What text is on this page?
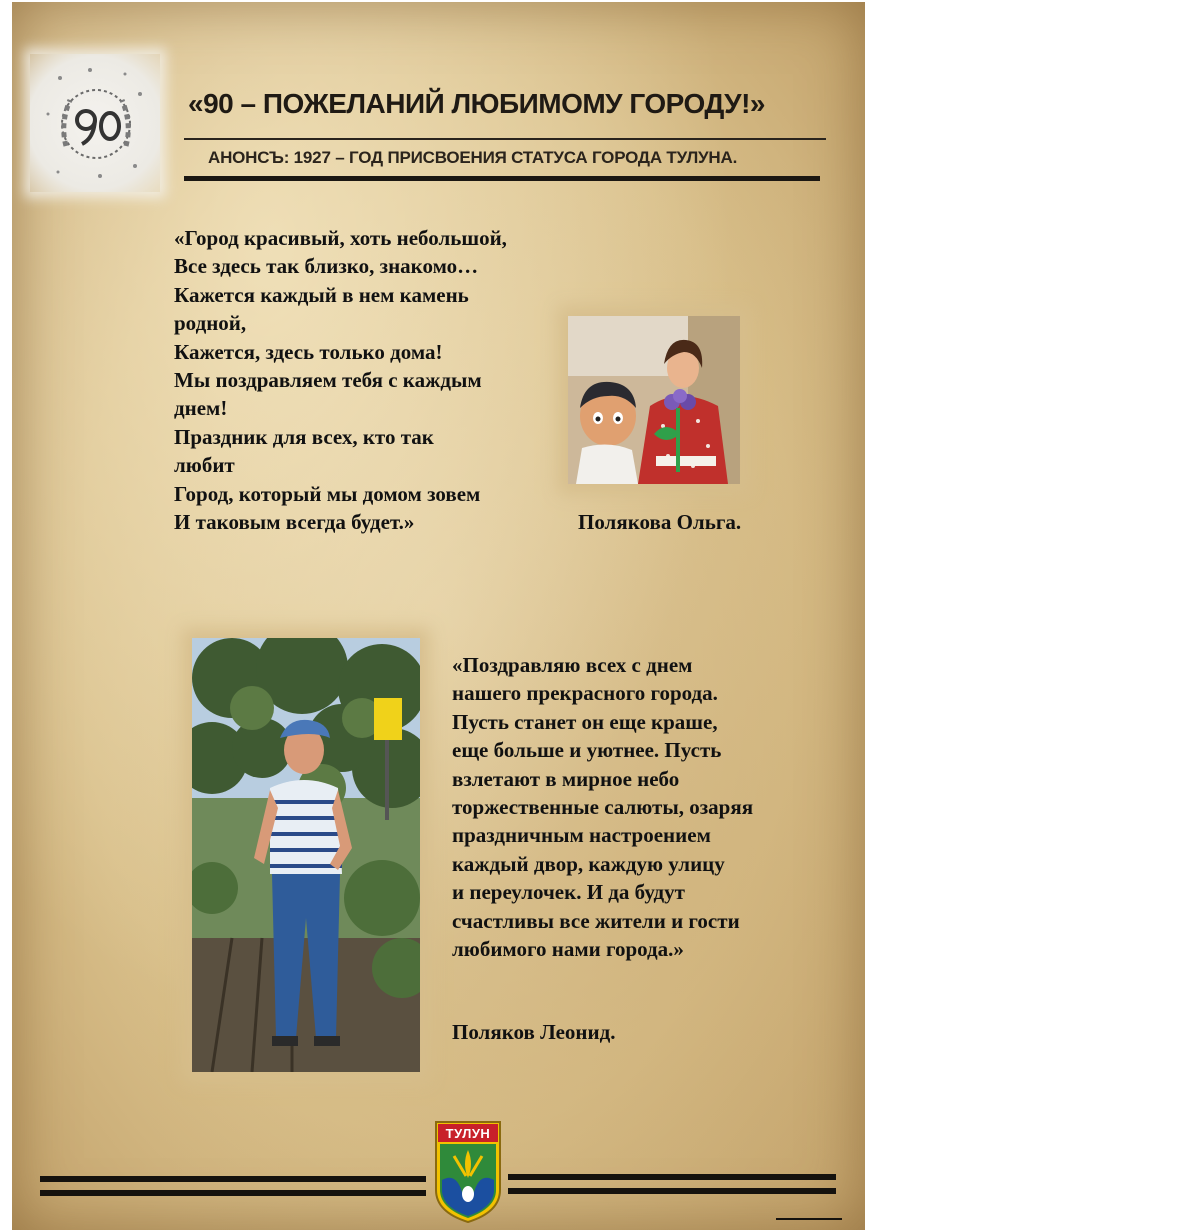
«90 – ПОЖЕЛАНИЙ ЛЮБИМОМУ ГОРОДУ!»
АНОНСЪ: 1927 – ГОД ПРИСВОЕНИЯ СТАТУСА ГОРОДА ТУЛУНА.
«Город красивый, хоть небольшой,
Все здесь так близко, знакомо…
Кажется каждый в нем камень
родной,
Кажется, здесь только дома!
Мы поздравляем тебя с каждым
днем!
Праздник для всех, кто так
любит
Город, который мы домом зовем
И таковым всегда будет.»	Полякова Ольга.
«Поздравляю всех с днем
нашего прекрасного города.
Пусть станет он еще краше,
еще больше и уютнее. Пусть
взлетают в мирное небо
торжественные салюты, озаряя
праздничным настроением
каждый двор, каждую улицу
и переулочек. И да будут
счастливы все жители и гости
любимого нами города.»
Поляков Леонид.
ТУЛУН
